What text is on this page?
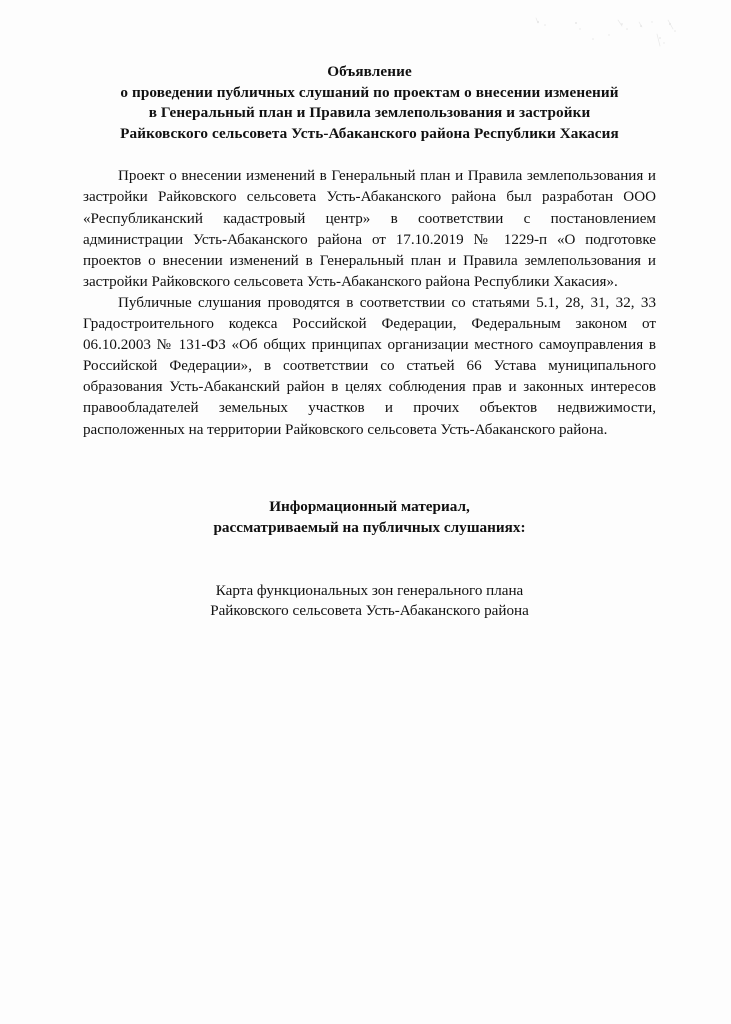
Объявление
о проведении публичных слушаний по проектам о внесении изменений
в Генеральный план и Правила землепользования и застройки
Райковского сельсовета Усть-Абаканского района Республики Хакасия

Проект о внесении изменений в Генеральный план и Правила землепользования и застройки Райковского сельсовета Усть-Абаканского района был разработан ООО «Республиканский кадастровый центр» в соответствии с постановлением администрации Усть-Абаканского района от 17.10.2019 № 1229-п «О подготовке проектов о внесении изменений в Генеральный план и Правила землепользования и застройки Райковского сельсовета Усть-Абаканского района Республики Хакасия».

Публичные слушания проводятся в соответствии со статьями 5.1, 28, 31, 32, 33 Градостроительного кодекса Российской Федерации, Федеральным законом от 06.10.2003 № 131-ФЗ «Об общих принципах организации местного самоуправления в Российской Федерации», в соответствии со статьей 66 Устава муниципального образования Усть-Абаканский район в целях соблюдения прав и законных интересов правообладателей земельных участков и прочих объектов недвижимости, расположенных на территории Райковского сельсовета Усть-Абаканского района.

Информационный материал,
рассматриваемый на публичных слушаниях:
Карта функциональных зон генерального плана
Райковского сельсовета Усть-Абаканского района
